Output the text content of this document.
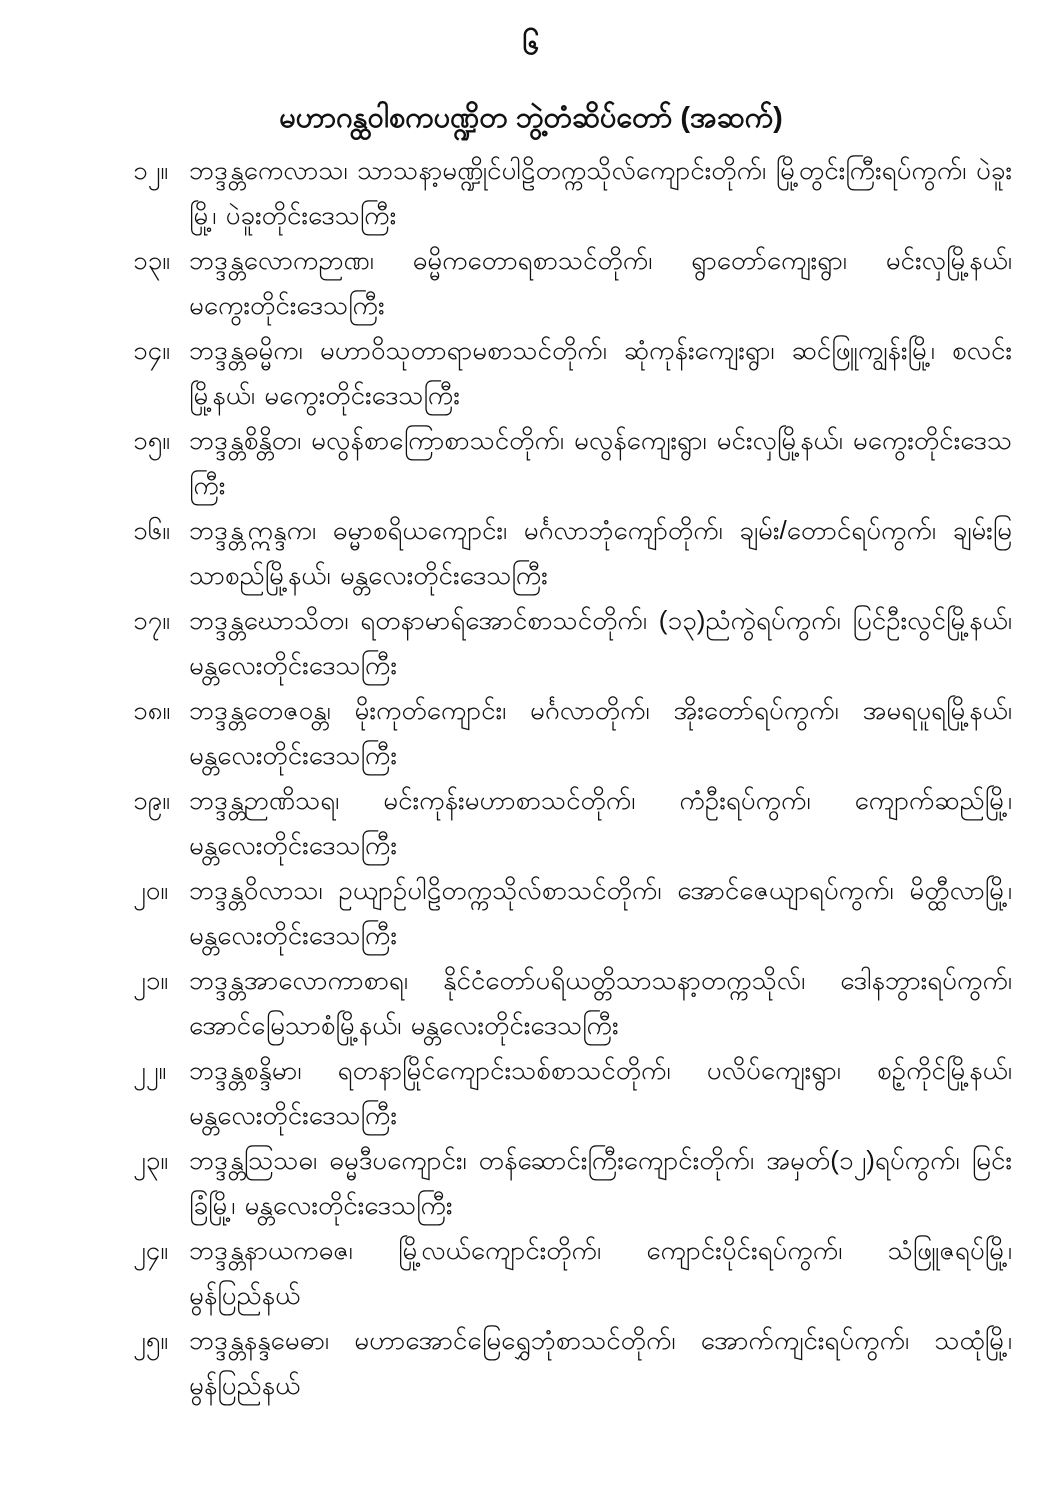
၆
မဟာဂန္ထဝါစကပဏ္ဍိတ ဘွဲ့တံဆိပ်တော် (အဆက်)
၁၂။ ဘဒ္ဒန္တကေလာသ၊ သာသနာ့မဏ္ဍိုင်ပါဠိတက္ကသိုလ်ကျောင်းတိုက်၊ မြို့တွင်းကြီးရပ်ကွက်၊ ပဲခူးမြို့၊ ပဲခူးတိုင်းဒေသကြီး
၁၃။ ဘဒ္ဒန္တလောကဉာဏ၊ ဓမ္မိကတောရစာသင်တိုက်၊ ရွာတော်ကျေးရွာ၊ မင်းလှမြို့နယ်၊ မကွေးတိုင်းဒေသကြီး
၁၄။ ဘဒ္ဒန္တဓမ္မိက၊ မဟာဝိသုတာရာမစာသင်တိုက်၊ ဆုံကုန်းကျေးရွာ၊ ဆင်ဖြူကျွန်းမြို့၊ စလင်းမြို့နယ်၊ မကွေးတိုင်းဒေသကြီး
၁၅။ ဘဒ္ဒန္တစိန္တိတ၊ မလွန်စာကြောစာသင်တိုက်၊ မလွန်ကျေးရွာ၊ မင်းလှမြို့နယ်၊ မကွေးတိုင်းဒေသကြီး
၁၆။ ဘဒ္ဒန္တဣန္ဒက၊ ဓမ္မာစရိယကျောင်း၊ မင်္ဂလာဘုံကျော်တိုက်၊ ချမ်း/တောင်ရပ်ကွက်၊ ချမ်းမြသာစည်မြို့နယ်၊ မန္တလေးတိုင်းဒေသကြီး
၁၇။ ဘဒ္ဒန္တဃောသိတ၊ ရတနာမာရ်အောင်စာသင်တိုက်၊ (၁၃)ညံကွဲရပ်ကွက်၊ ပြင်ဦးလွင်မြို့နယ်၊ မန္တလေးတိုင်းဒေသကြီး
၁၈။ ဘဒ္ဒန္တတေဇဝန္တ၊ မိုးကုတ်ကျောင်း၊ မင်္ဂလာတိုက်၊ အိုးတော်ရပ်ကွက်၊ အမရပူရမြို့နယ်၊ မန္တလေးတိုင်းဒေသကြီး
၁၉။ ဘဒ္ဒန္တဉာဏိသရ၊ မင်းကုန်းမဟာစာသင်တိုက်၊ ကံဦးရပ်ကွက်၊ ကျောက်ဆည်မြို့၊ မန္တလေးတိုင်းဒေသကြီး
၂၀။ ဘဒ္ဒန္တဝိလာသ၊ ဥယျာဉ်ပါဠိတက္ကသိုလ်စာသင်တိုက်၊ အောင်ဇေယျာရပ်ကွက်၊ မိတ္ထီလာမြို့၊ မန္တလေးတိုင်းဒေသကြီး
၂၁။ ဘဒ္ဒန္တအာလောကာစာရ၊ နိုင်ငံတော်ပရိယတ္တိသာသနာ့တက္ကသိုလ်၊ ဒေါနဘွားရပ်ကွက်၊ အောင်မြေသာစံမြို့နယ်၊ မန္တလေးတိုင်းဒေသကြီး
၂၂။ ဘဒ္ဒန္တစန္ဒိမာ၊ ရတနာမြိုင်ကျောင်းသစ်စာသင်တိုက်၊ ပလိပ်ကျေးရွာ၊ စဉ့်ကိုင်မြို့နယ်၊ မန္တလေးတိုင်းဒေသကြီး
၂၃။ ဘဒ္ဒန္တဩသဓ၊ ဓမ္မဒီပကျောင်း၊ တန်ဆောင်းကြီးကျောင်းတိုက်၊ အမှတ်(၁၂)ရပ်ကွက်၊ မြင်းခြံမြို့၊ မန္တလေးတိုင်းဒေသကြီး
၂၄။ ဘဒ္ဒန္တနာယကဓဇ၊ မြို့လယ်ကျောင်းတိုက်၊ ကျောင်းပိုင်းရပ်ကွက်၊ သံဖြူဇရပ်မြို့၊ မွန်ပြည်နယ်
၂၅။ ဘဒ္ဒန္တနန္ဒမေဓာ၊ မဟာအောင်မြေရွှေဘုံစာသင်တိုက်၊ အောက်ကျင်းရပ်ကွက်၊ သထုံမြို့၊ မွန်ပြည်နယ်
